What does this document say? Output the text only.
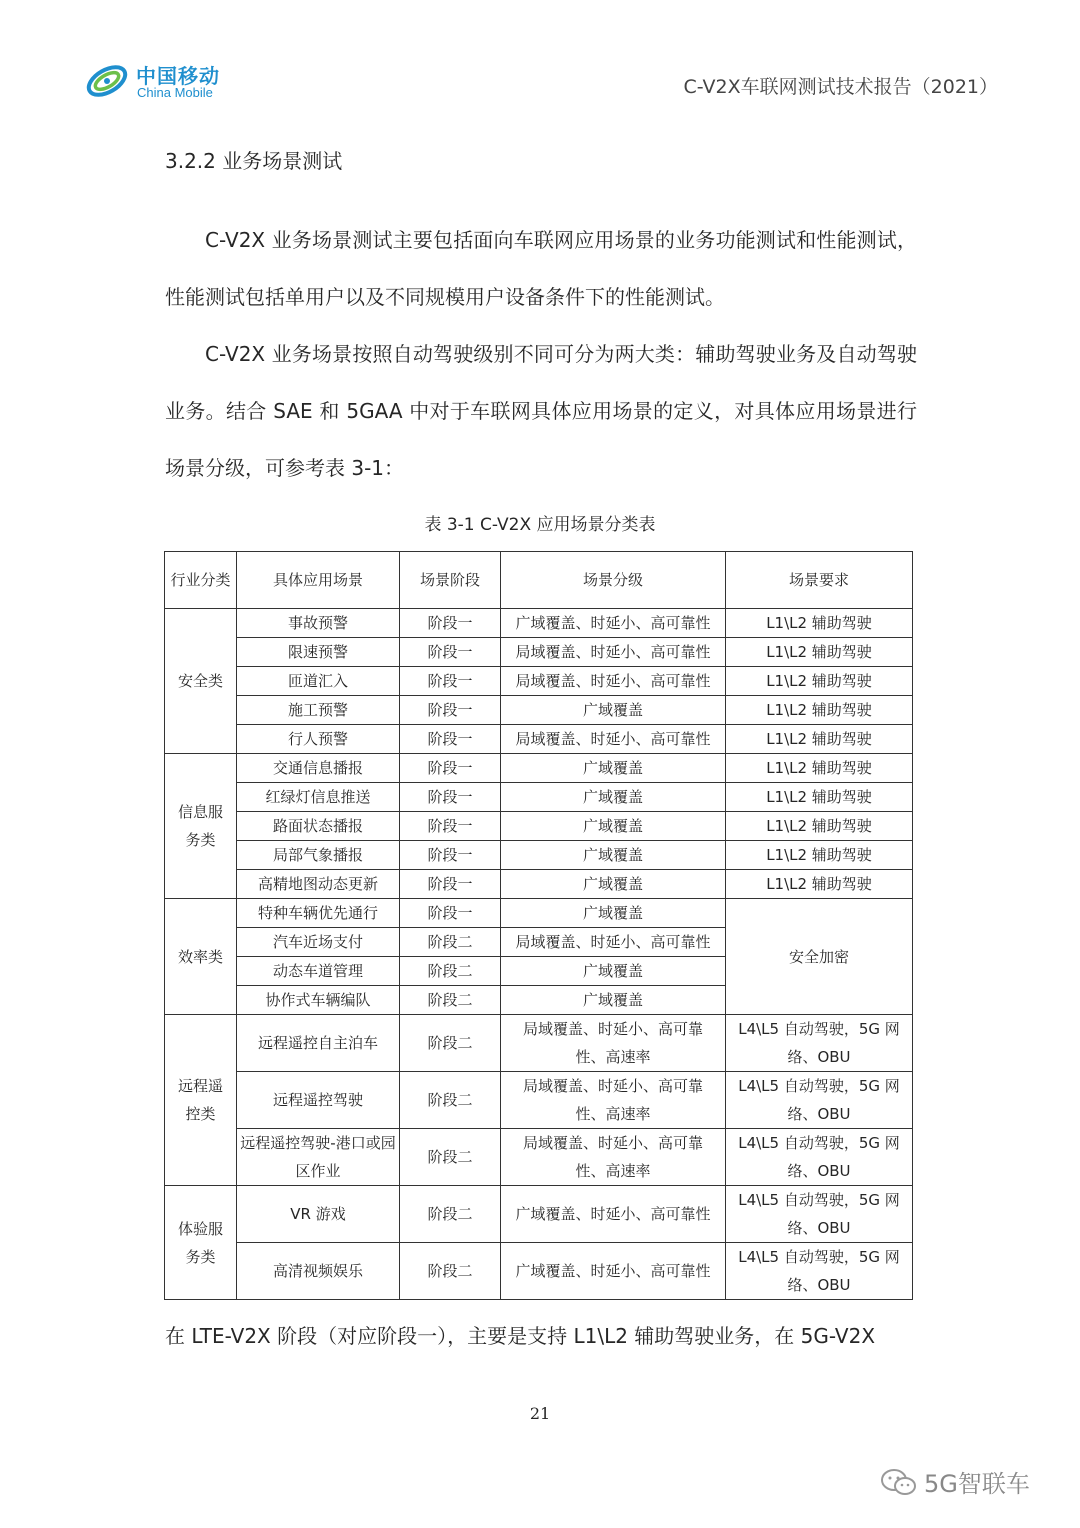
中国移动
China Mobile	C-V2X车联网测试技术报告（2021）
3.2.2 业务场景测试
C-V2X 业务场景测试主要包括面向车联网应用场景的业务功能测试和性能测试，性能测试包括单用户以及不同规模用户设备条件下的性能测试。
C-V2X 业务场景按照自动驾驶级别不同可分为两大类：辅助驾驶业务及自动驾驶业务。结合 SAE 和 5GAA 中对于车联网具体应用场景的定义，对具体应用场景进行场景分级，可参考表 3-1：
表 3-1 C-V2X 应用场景分类表
行业分类	具体应用场景	场景阶段	场景分级	场景要求
安全类	事故预警	阶段一	广域覆盖、时延小、高可靠性	L1\L2 辅助驾驶
	限速预警	阶段一	局域覆盖、时延小、高可靠性	L1\L2 辅助驾驶
	匝道汇入	阶段一	局域覆盖、时延小、高可靠性	L1\L2 辅助驾驶
	施工预警	阶段一	广域覆盖	L1\L2 辅助驾驶
	行人预警	阶段一	局域覆盖、时延小、高可靠性	L1\L2 辅助驾驶
信息服务类	交通信息播报	阶段一	广域覆盖	L1\L2 辅助驾驶
	红绿灯信息推送	阶段一	广域覆盖	L1\L2 辅助驾驶
	路面状态播报	阶段一	广域覆盖	L1\L2 辅助驾驶
	局部气象播报	阶段一	广域覆盖	L1\L2 辅助驾驶
	高精地图动态更新	阶段一	广域覆盖	L1\L2 辅助驾驶
效率类	特种车辆优先通行	阶段一	广域覆盖	安全加密
	汽车近场支付	阶段二	局域覆盖、时延小、高可靠性	
	动态车道管理	阶段二	广域覆盖	
	协作式车辆编队	阶段二	广域覆盖	
远程遥控类	远程遥控自主泊车	阶段二	局域覆盖、时延小、高可靠性、高速率	L4\L5 自动驾驶，5G 网络、OBU
	远程遥控驾驶	阶段二	局域覆盖、时延小、高可靠性、高速率	L4\L5 自动驾驶，5G 网络、OBU
	远程遥控驾驶-港口或园区作业	阶段二	局域覆盖、时延小、高可靠性、高速率	L4\L5 自动驾驶，5G 网络、OBU
体验服务类	VR 游戏	阶段二	广域覆盖、时延小、高可靠性	L4\L5 自动驾驶，5G 网络、OBU
	高清视频娱乐	阶段二	广域覆盖、时延小、高可靠性	L4\L5 自动驾驶，5G 网络、OBU
在 LTE-V2X 阶段（对应阶段一），主要是支持 L1\L2 辅助驾驶业务，在 5G-V2X
21
5G智联车
